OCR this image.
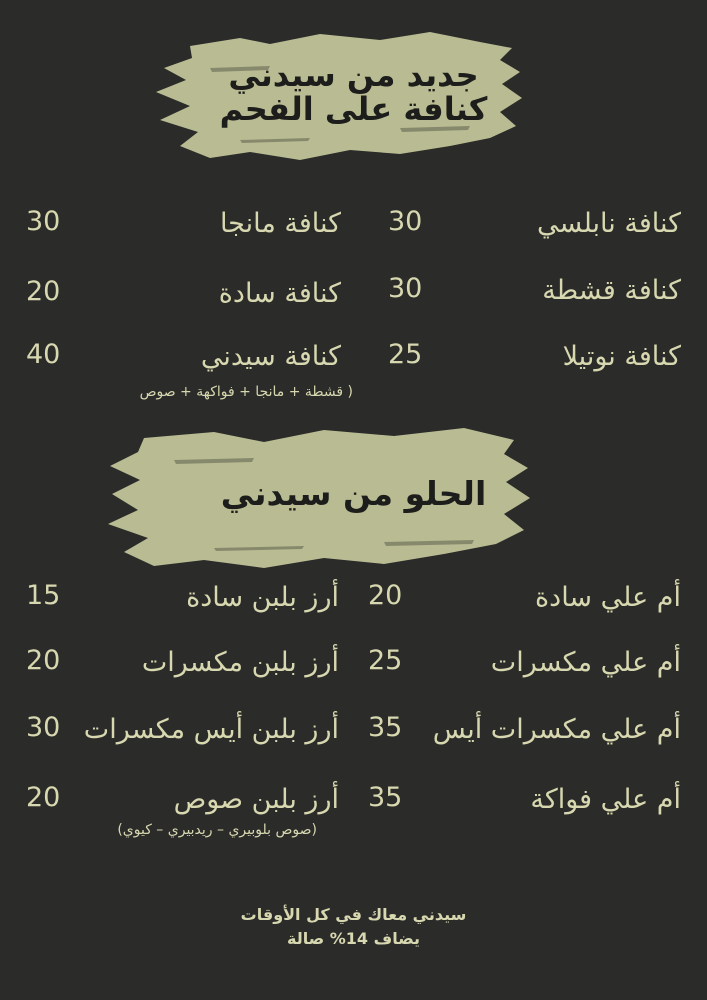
جديد من سيدني
كنافة على الفحم
كنافة نابلسي
30
كنافة قشطة
30
كنافة نوتيلا
25
كنافة مانجا
30
كنافة سادة
20
كنافة سيدني
40
( قشطة + مانجا + فواكهة + صوص
الحلو من سيدني
أم علي سادة
20
أم علي مكسرات
25
أم علي مكسرات أيس
35
أم علي فواكة
35
أرز بلبن سادة
15
أرز بلبن مكسرات
20
أرز بلبن أيس مكسرات
30
أرز بلبن صوص
20
(صوص بلوبيري – ريدبيري – كيوي)
سيدني معاك في كل الأوقات
يضاف 14% صالة
